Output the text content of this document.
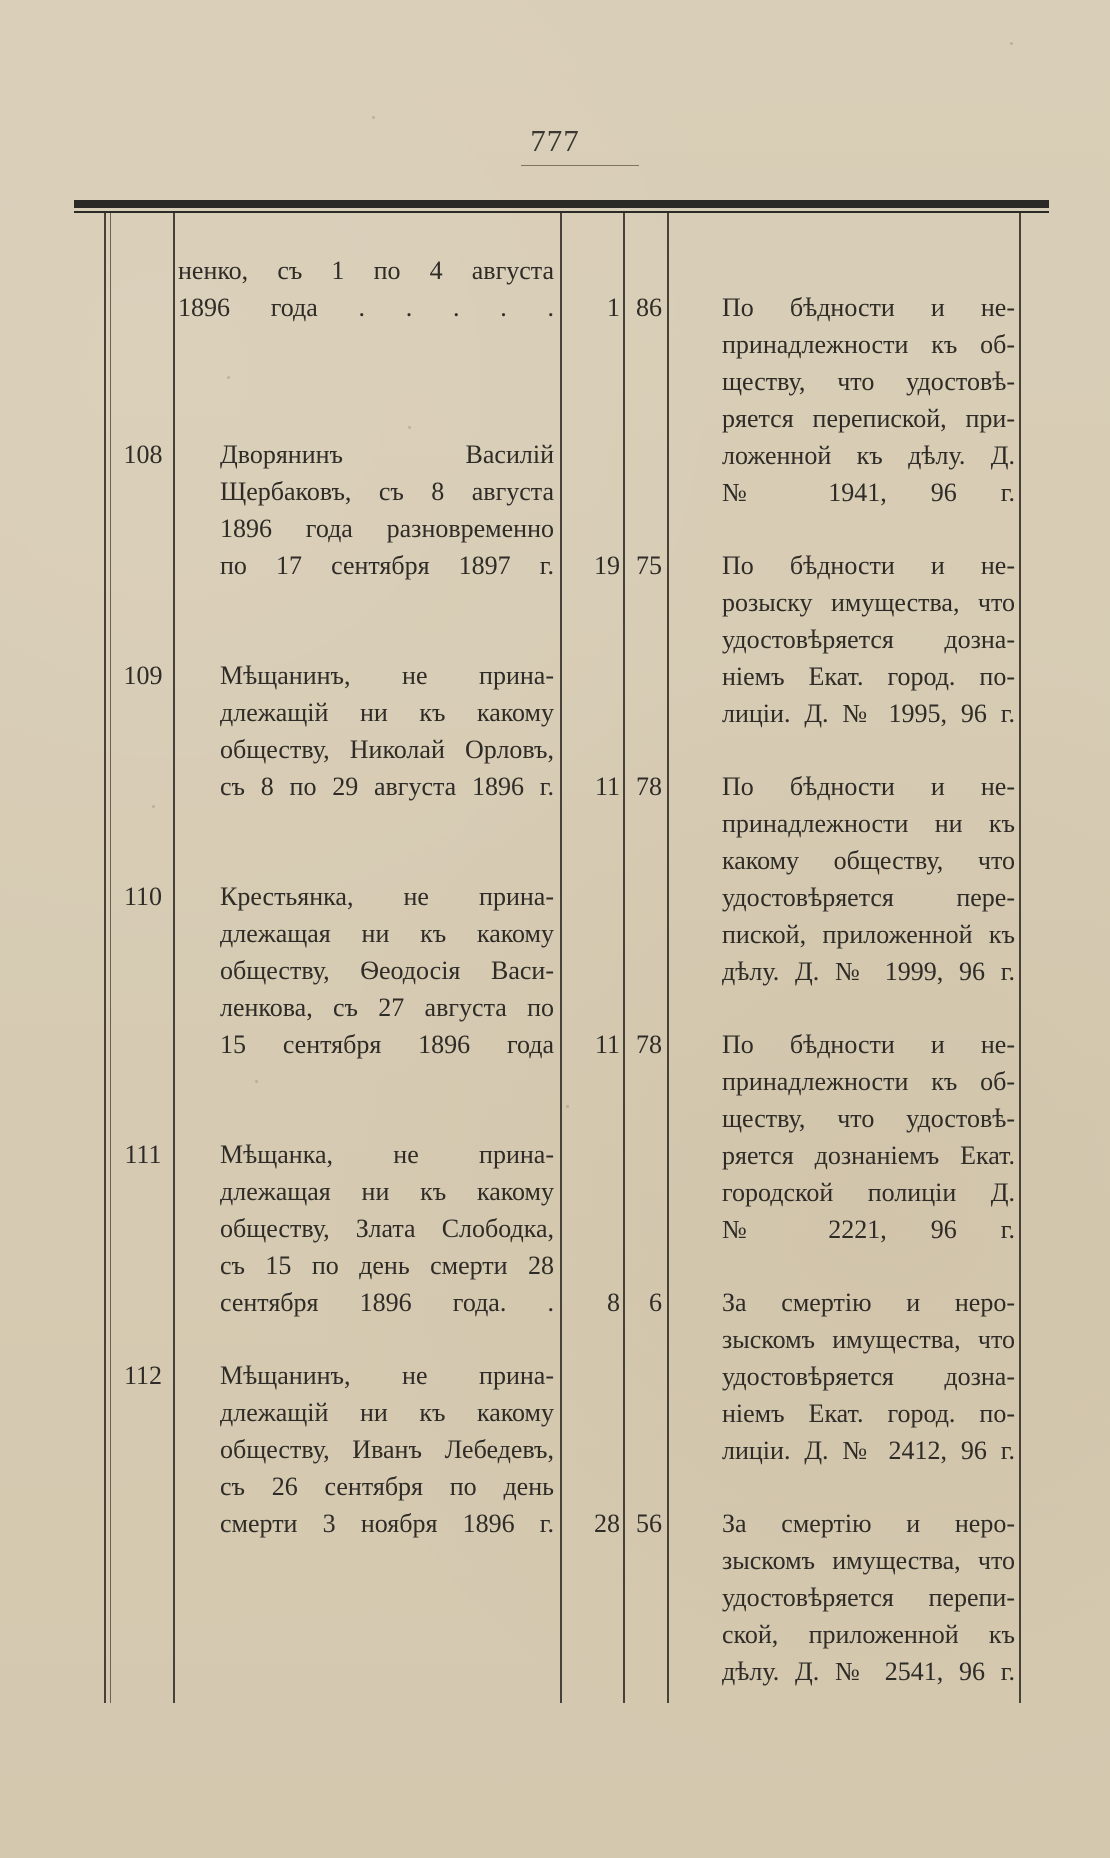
777
ненко, съ 1 по 4 августа
1896 года . . . . .	1 86	По бѣдности и не-
принадлежности къ об-
ществу, что удостовѣ-
ряется перепиской, при-
ложенной къ дѣлу. Д.
№ 1941, 96 г.
108	Дворянинъ Василій
Щербаковъ, съ 8 августа
1896 года разновременно
по 17 сентября 1897 г.	19 75	По бѣдности и не-
розыску имущества, что
удостовѣряется дозна-
ніемъ Екат. город. по-
лиціи. Д. № 1995, 96 г.
109	Мѣщанинъ, не прина-
длежащій ни къ какому
обществу, Николай Орловъ,
съ 8 по 29 августа 1896 г.	11 78	По бѣдности и не-
принадлежности ни къ
какому обществу, что
удостовѣряется пере-
пиской, приложенной къ
дѣлу. Д. № 1999, 96 г.
110	Крестьянка, не прина-
длежащая ни къ какому
обществу, Ѳеодосія Васи-
ленкова, съ 27 августа по
15 сентября 1896 года	11 78	По бѣдности и не-
принадлежности къ об-
ществу, что удостовѣ-
ряется дознаніемъ Екат.
городской полиціи Д.
№ 2221, 96 г.
111	Мѣщанка, не прина-
длежащая ни къ какому
обществу, Злата Слободка,
съ 15 по день смерти 28
сентября 1896 года. .	8	6	За смертію и неро-
зыскомъ имущества, что
удостовѣряется дозна-
ніемъ Екат. город. по-
лиціи. Д. № 2412, 96 г.
112	Мѣщанинъ, не прина-
длежащій ни къ какому
обществу, Иванъ Лебедевъ,
съ 26 сентября по день
смерти 3 ноября 1896 г.	28 56	За смертію и неро-
зыскомъ имущества, что
удостовѣряется перепи-
ской, приложенной къ
дѣлу. Д. № 2541, 96 г.
